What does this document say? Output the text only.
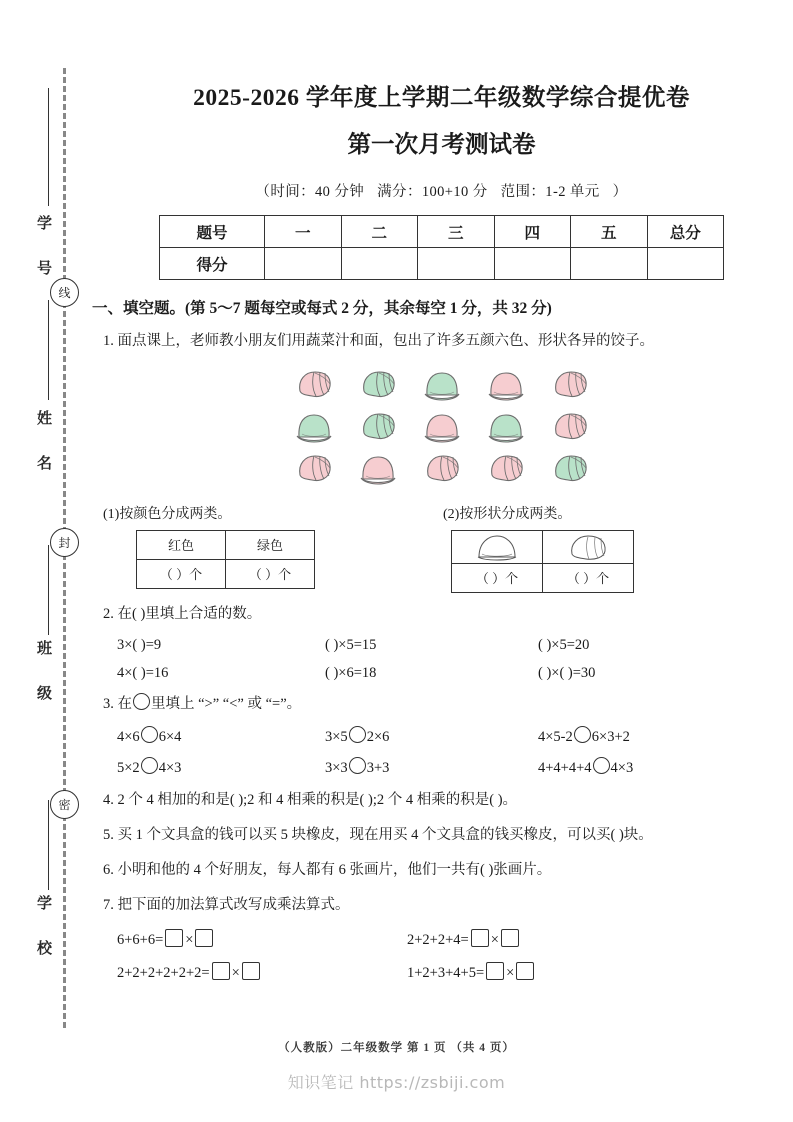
线
封
密
学 号
姓 名
班 级
学 校
2025-2026 学年度上学期二年级数学综合提优卷
第一次月考测试卷
（时间：40 分钟 满分：100+10 分 范围：1-2 单元 ）
题号	一	二	三	四	五	总分
得分						
一、填空题。(第 5～7 题每空或每式 2 分，其余每空 1 分，共 32 分)
1. 面点课上，老师教小朋友们用蔬菜汁和面，包出了许多五颜六色、形状各异的饺子。
(1)按颜色分成两类。
红色	绿色
（ ）个	（ ）个
(2)按形状分成两类。

（ ）个	（ ）个
2. 在( )里填上合适的数。
3×( )=9	( )×5=15	( )×5=20
4×( )=16	( )×6=18	( )×( )=30
3. 在 里填上 “>” “<” 或 “=”。
4×6 6×4	3×5 2×6	4×5-2 6×3+2
5×2 4×3	3×3 3+3	4+4+4+4 4×3
4. 2 个 4 相加的和是( );2 和 4 相乘的积是( );2 个 4 相乘的积是( )。
5. 买 1 个文具盒的钱可以买 5 块橡皮，现在用买 4 个文具盒的钱买橡皮，可以买( )块。
6. 小明和他的 4 个好朋友，每人都有 6 张画片，他们一共有( )张画片。
7. 把下面的加法算式改写成乘法算式。
6+6+6= ×	2+2+2+4= ×
2+2+2+2+2+2= ×	1+2+3+4+5= ×
（人教版）二年级数学 第 1 页 （共 4 页）
知识笔记 https://zsbiji.com
